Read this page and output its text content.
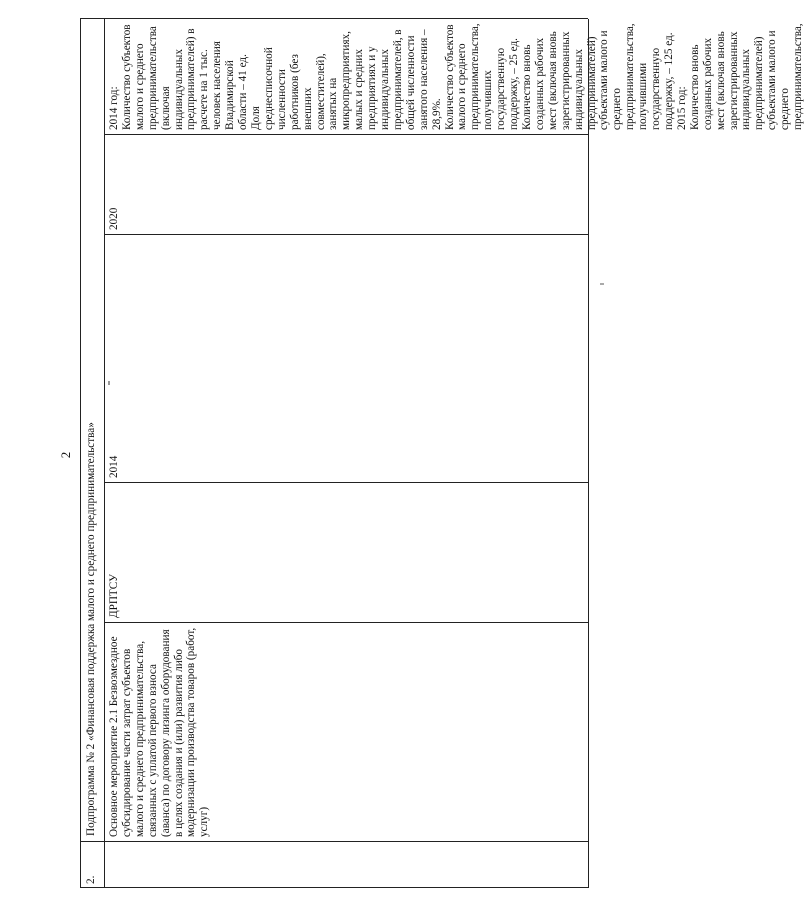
2
2.
Подпрограмма № 2 «Финансовая поддержка малого и среднего предпринимательства» Основное мероприятие 2.1 Безвозмездное субсидирование части затрат субъектов малого и среднего предпринимательства, связанных с уплатой первого взноса (аванса) по договору лизинга оборудования в целях создания и (или) развития либо модернизации производства товаров (работ, услуг)

ДРПТСУ

2014

2020

2014 год: Количество субъектов малого и среднего предпринимательства (включая индивидуальных предпринимателей) в расчете на 1 тыс. человек населения Владимирской области – 41 ед. Доля среднесписочной численности работников (без внешних совместителей), занятых на микропредприятиях, малых и средних предприятиях и у индивидуальных предпринимателей, в общей численности занятого населения – 28,9%. Количество субъектов малого и среднего предпринимательства, получивших государственную поддержку, – 25 ед. Количество вновь созданных рабочих мест (включая вновь зарегистрированных индивидуальных предпринимателей) субъектами малого и среднего предпринимательства, получившими государственную поддержку, – 125 ед. 2015 год: Количество вновь созданных рабочих мест (включая вновь зарегистрированных индивидуальных предпринимателей) субъектами малого и среднего предпринимательства,
